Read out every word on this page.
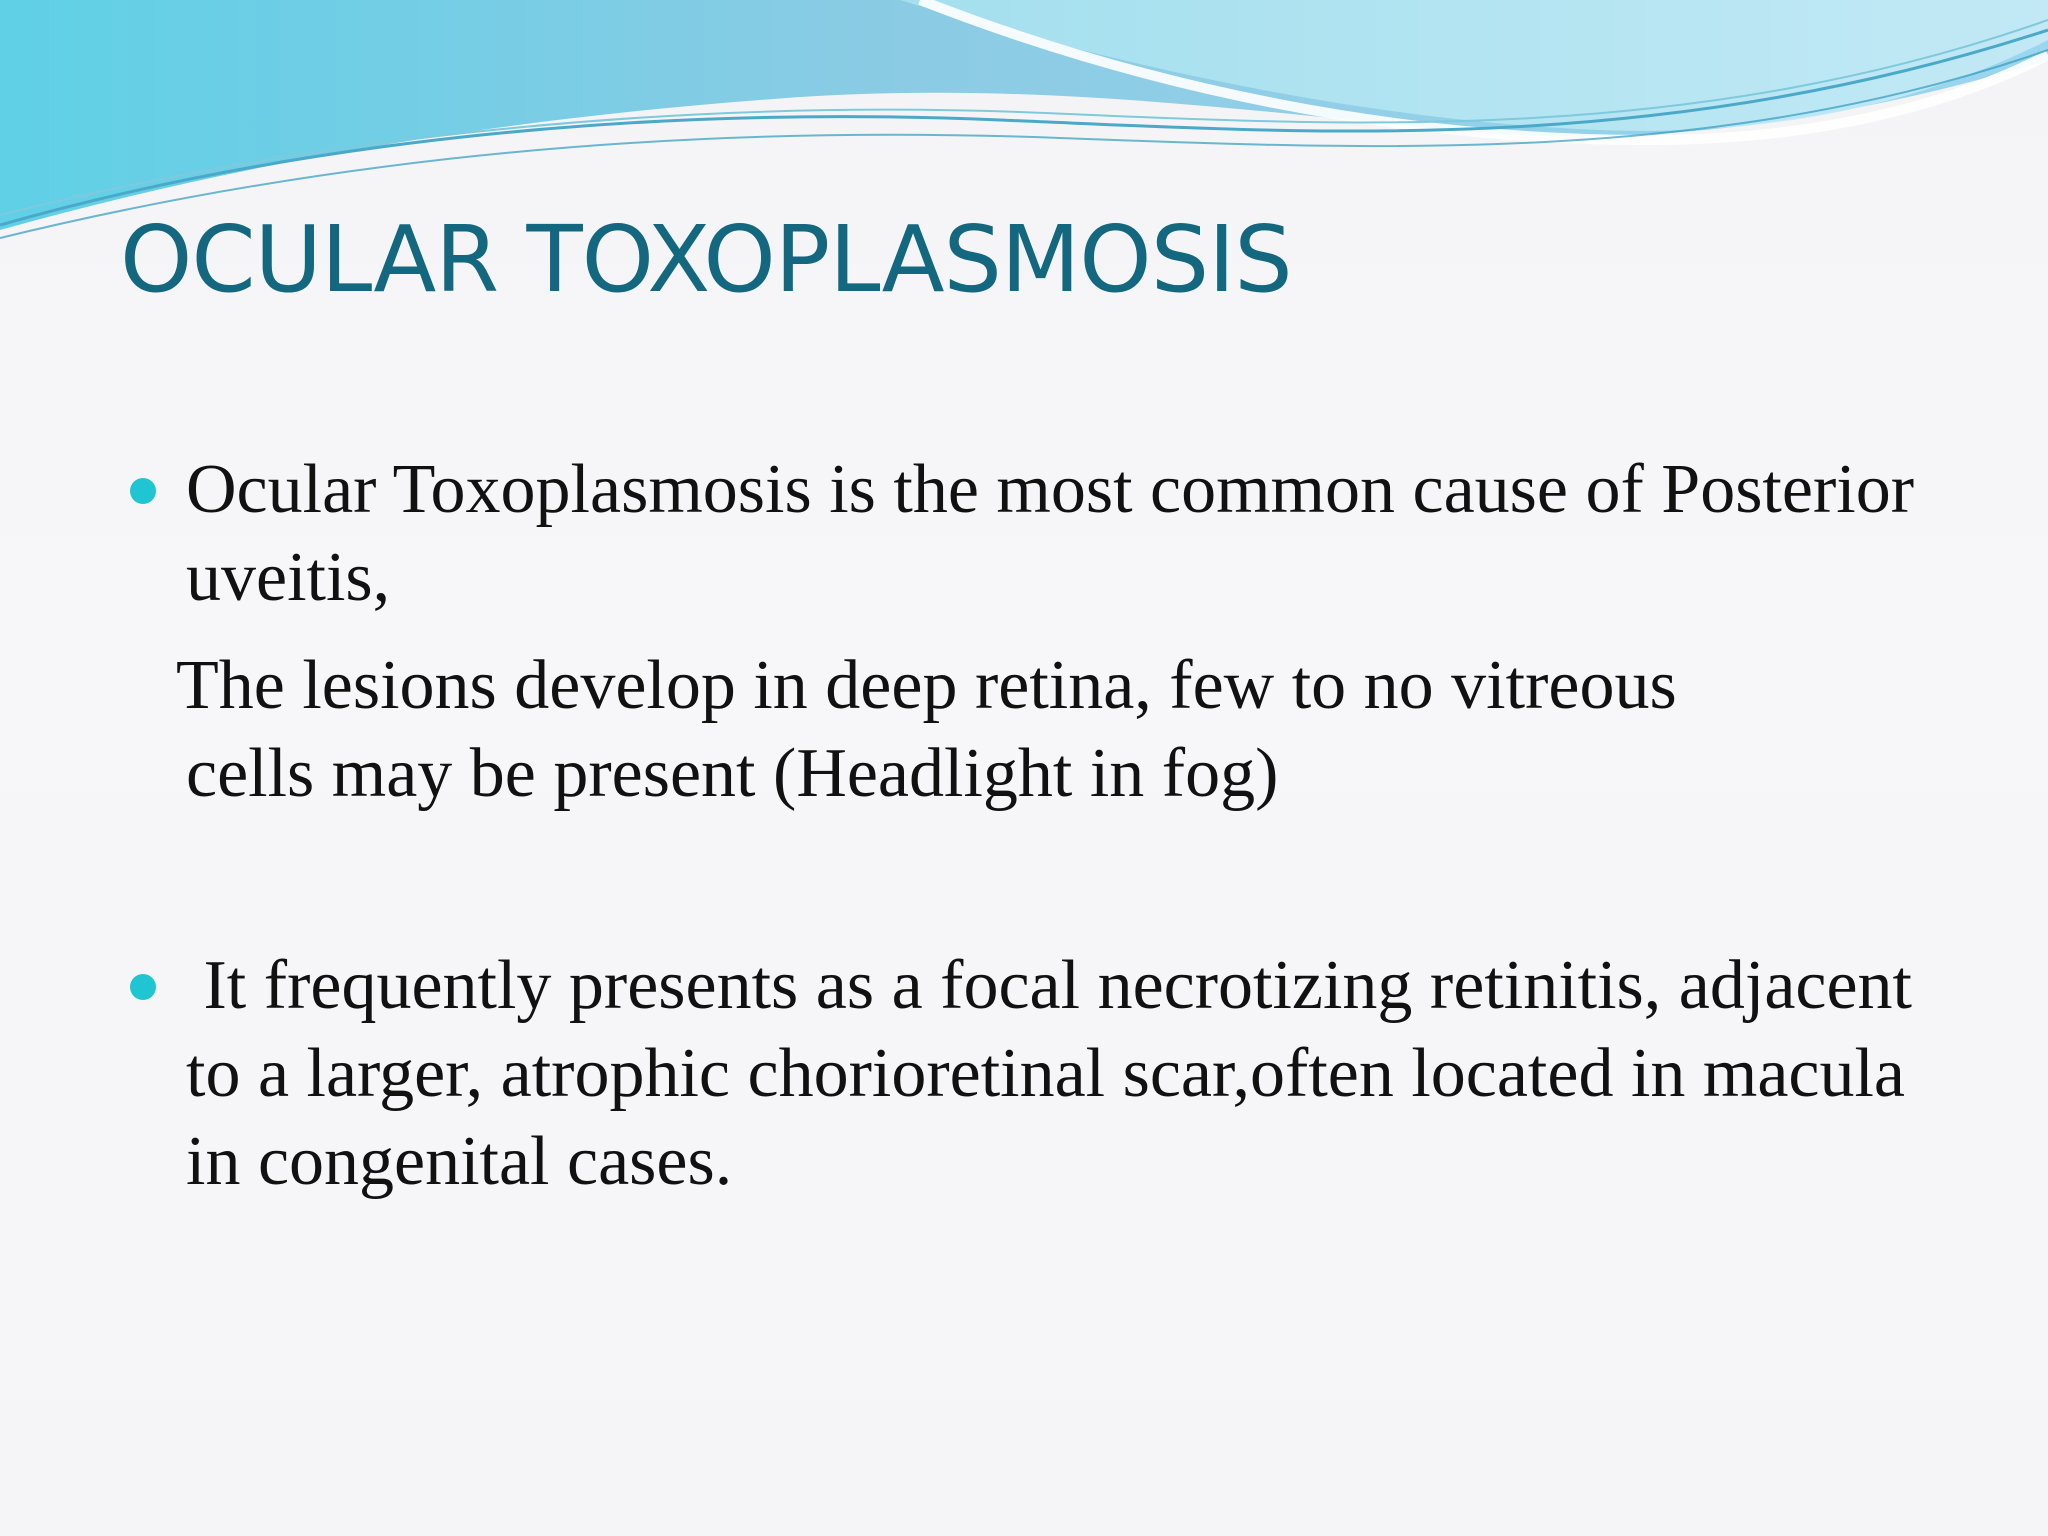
OCULAR TOXOPLASMOSIS
Ocular Toxoplasmosis is the most common cause of Posterior uveitis,
The lesions develop in deep retina, few to no vitreous
cells may be present (Headlight in fog)
It frequently presents as a focal necrotizing retinitis, adjacent to a larger, atrophic chorioretinal scar,often located in macula in congenital cases.
